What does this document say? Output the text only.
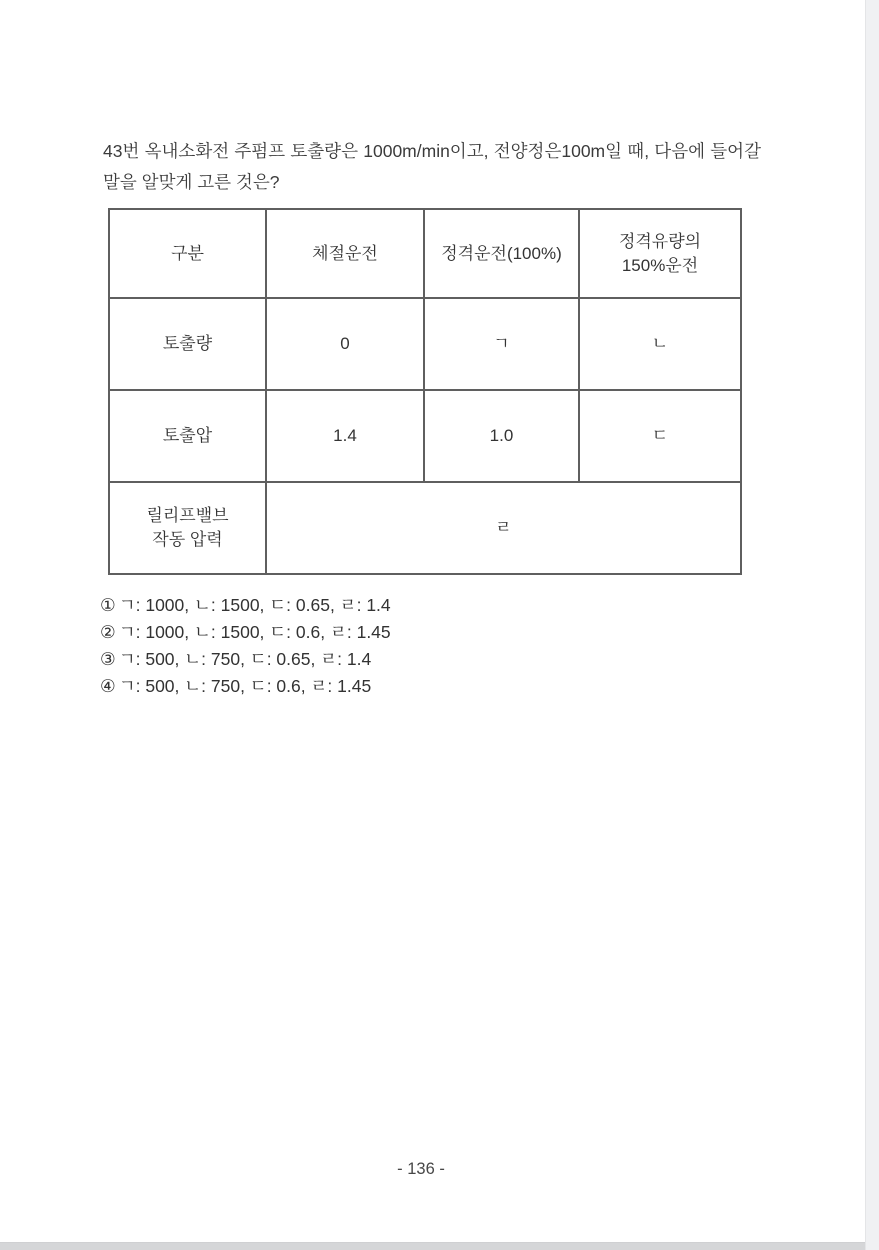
43번 옥내소화전 주펌프 토출량은 1000m/min이고, 전양정은100m일 때, 다음에 들어갈 말을 알맞게 고른 것은?
구분	체절운전	정격운전(100%)	정격유량의
150%운전

토출량	0	ㄱ	ㄴ

토출압	1.4	1.0	ㄷ

릴리프밸브
작동 압력	ㄹ		
① ㄱ: 1000, ㄴ: 1500, ㄷ: 0.65, ㄹ: 1.4
② ㄱ: 1000, ㄴ: 1500, ㄷ: 0.6, ㄹ: 1.45
③ ㄱ: 500, ㄴ: 750, ㄷ: 0.65, ㄹ: 1.4
④ ㄱ: 500, ㄴ: 750, ㄷ: 0.6, ㄹ: 1.45
- 136 -
